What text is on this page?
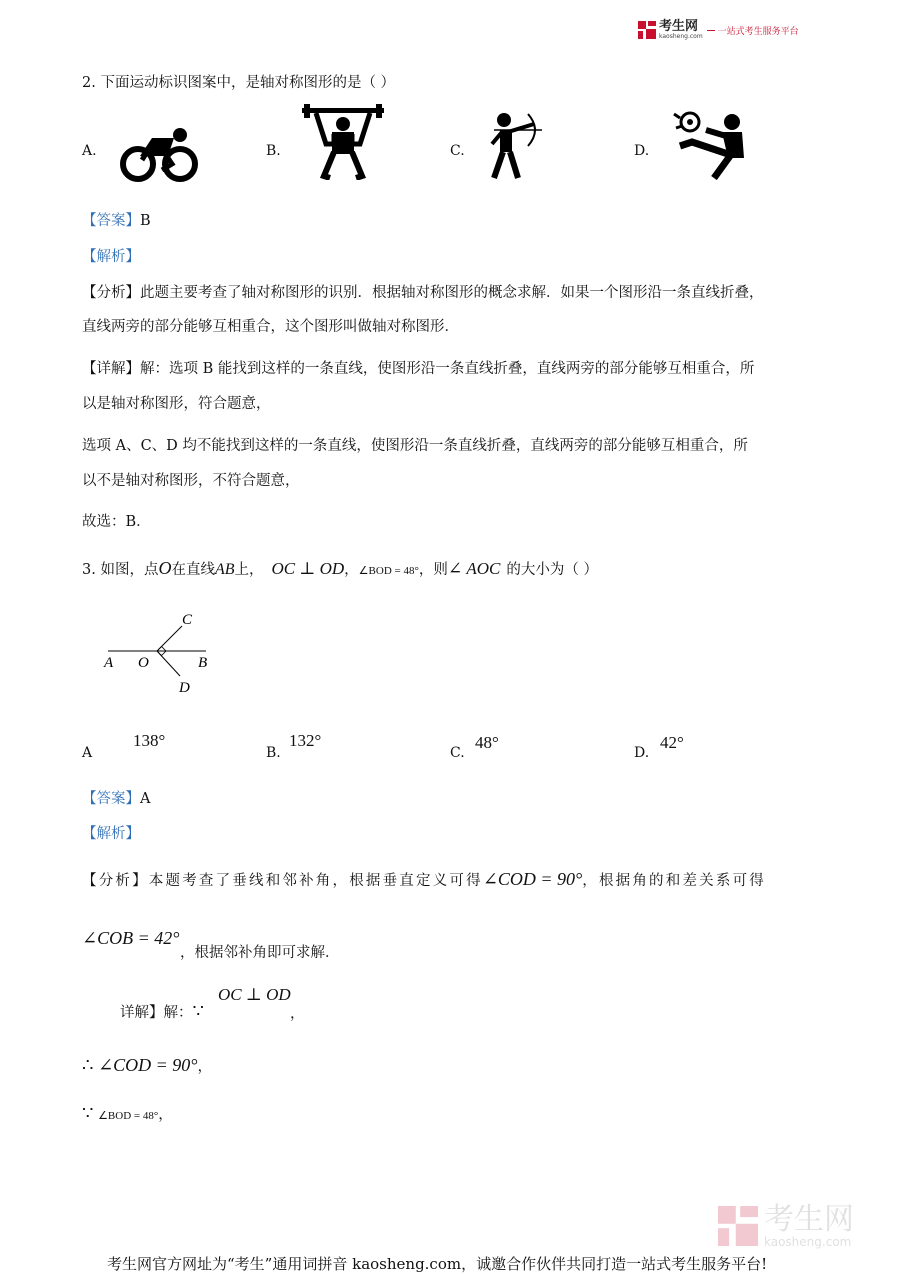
考生网
kaosheng.com 一站式考生服务平台
2. 下面运动标识图案中，是轴对称图形的是（ ）
A.	B.	C.	D.
【答案】B
【解析】
【分析】此题主要考查了轴对称图形的识别．根据轴对称图形的概念求解．如果一个图形沿一条直线折叠，
直线两旁的部分能够互相重合，这个图形叫做轴对称图形．
【详解】解：选项 B 能找到这样的一条直线，使图形沿一条直线折叠，直线两旁的部分能够互相重合，所
以是轴对称图形，符合题意，
选项 A、C、D 均不能找到这样的一条直线，使图形沿一条直线折叠，直线两旁的部分能够互相重合，所
以不是轴对称图形，不符合题意，
故选：B．
3. 如图，点O在直线AB上， OC ⊥ OD，∠BOD = 48°，则∠ AOC 的大小为（ ）
C
A O	B
D
A
138°
B.
132°
C.
48°
D.
42°
【答案】A
【解析】
【分析】本题考查了垂线和邻补角，根据垂直定义可得∠COD = 90°，根据角的和差关系可得
∠COB = 42°
，根据邻补角即可求解．
详解】解：∵
OC ⊥ OD
，
∴ ∠COD = 90°，
∵ ∠BOD = 48°，
考生网
kaosheng.com
考生网官方网址为“考生”通用词拼音 kaosheng.com，诚邀合作伙伴共同打造一站式考生服务平台!
